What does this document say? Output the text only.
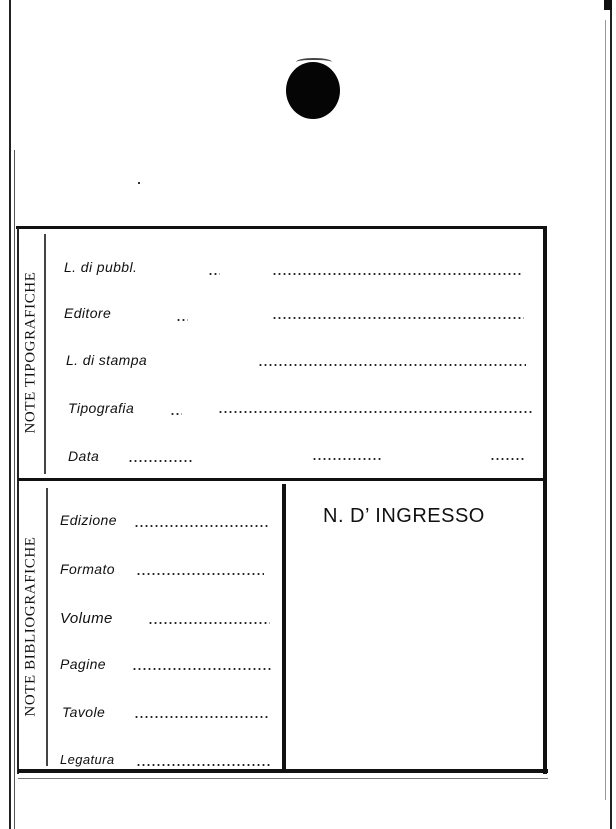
NOTE TIPOGRAFICHE
NOTE BIBLIOGRAFICHE
L. di pubbl.
Editore
L. di stampa
Tipografia
Data
Edizione
Formato
Volume
Pagine
Tavole
Legatura
N. D’ INGRESSO
